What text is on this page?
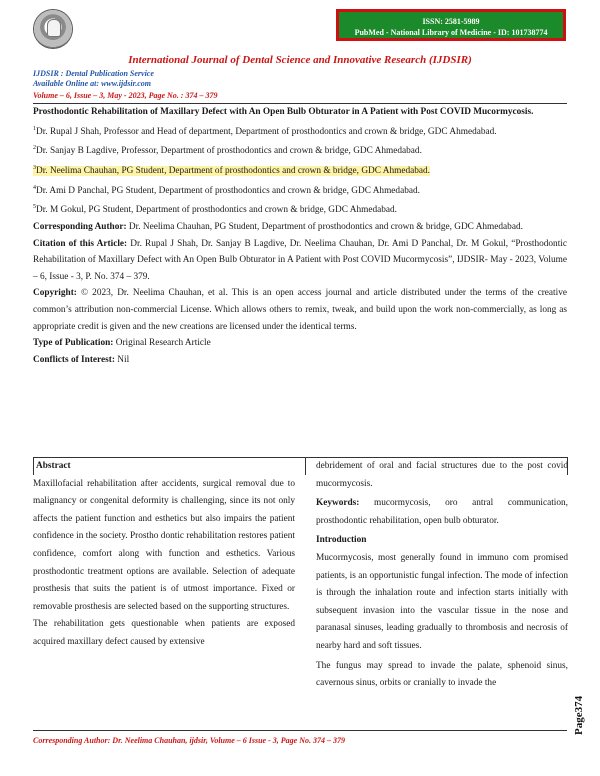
ISSN: 2581-5989
PubMed - National Library of Medicine - ID: 101738774
International Journal of Dental Science and Innovative Research (IJDSIR)
IJDSIR : Dental Publication Service
Available Online at: www.ijdsir.com
Volume – 6, Issue – 3, May - 2023, Page No. : 374 – 379
Prosthodontic Rehabilitation of Maxillary Defect with An Open Bulb Obturator in A Patient with Post COVID Mucormycosis.
$^1$Dr. Rupal J Shah, Professor and Head of department, Department of prosthodontics and crown & bridge, GDC Ahmedabad.
$^2$Dr. Sanjay B Lagdive, Professor, Department of prosthodontics and crown & bridge, GDC Ahmedabad.
$^3$Dr. Neelima Chauhan, PG Student, Department of prosthodontics and crown & bridge, GDC Ahmedabad.
$^4$Dr. Ami D Panchal, PG Student, Department of prosthodontics and crown & bridge, GDC Ahmedabad.
$^5$Dr. M Gokul, PG Student, Department of prosthodontics and crown & bridge, GDC Ahmedabad.
Corresponding Author: Dr. Neelima Chauhan, PG Student, Department of prosthodontics and crown & bridge, GDC Ahmedabad.
Citation of this Article: Dr. Rupal J Shah, Dr. Sanjay B Lagdive, Dr. Neelima Chauhan, Dr. Ami D Panchal, Dr. M Gokul, “Prosthodontic Rehabilitation of Maxillary Defect with An Open Bulb Obturator in A Patient with Post COVID Mucormycosis”, IJDSIR- May - 2023, Volume – 6, Issue - 3, P. No. 374 – 379.
Copyright: © 2023, Dr. Neelima Chauhan, et al. This is an open access journal and article distributed under the terms of the creative common’s attribution non-commercial License. Which allows others to remix, tweak, and build upon the work non-commercially, as long as appropriate credit is given and the new creations are licensed under the identical terms.
Type of Publication: Original Research Article
Conflicts of Interest: Nil
Abstract
Maxillofacial rehabilitation after accidents, surgical removal due to malignancy or congenital deformity is challenging, since its not only affects the patient function and esthetics but also impairs the patient confidence in the society. Prostho dontic rehabilitation restores patient confidence, comfort along with function and esthetics. Various prosthodontic treatment options are available. Selection of adequate prosthesis that suits the patient is of utmost importance. Fixed or removable prosthesis are selected based on the supporting structures.
The rehabilitation gets questionable when patients are exposed acquired maxillary defect caused by extensive
debridement of oral and facial structures due to the post covid mucormycosis.
Keywords: mucormycosis, oro antral communication, prosthodontic rehabilitation, open bulb obturator.
Introduction
Mucormycosis, most generally found in immuno com promised patients, is an opportunistic fungal infection. The mode of infection is through the inhalation route and infection starts initially with subsequent invasion into the vascular tissue in the nose and paranasal sinuses, leading gradually to thrombosis and necrosis of nearby hard and soft tissues.
The fungus may spread to invade the palate, sphenoid sinus, cavernous sinus, orbits or cranially to invade the
Corresponding Author: Dr. Neelima Chauhan, ijdsir, Volume – 6 Issue - 3, Page No. 374 – 379
Page374
